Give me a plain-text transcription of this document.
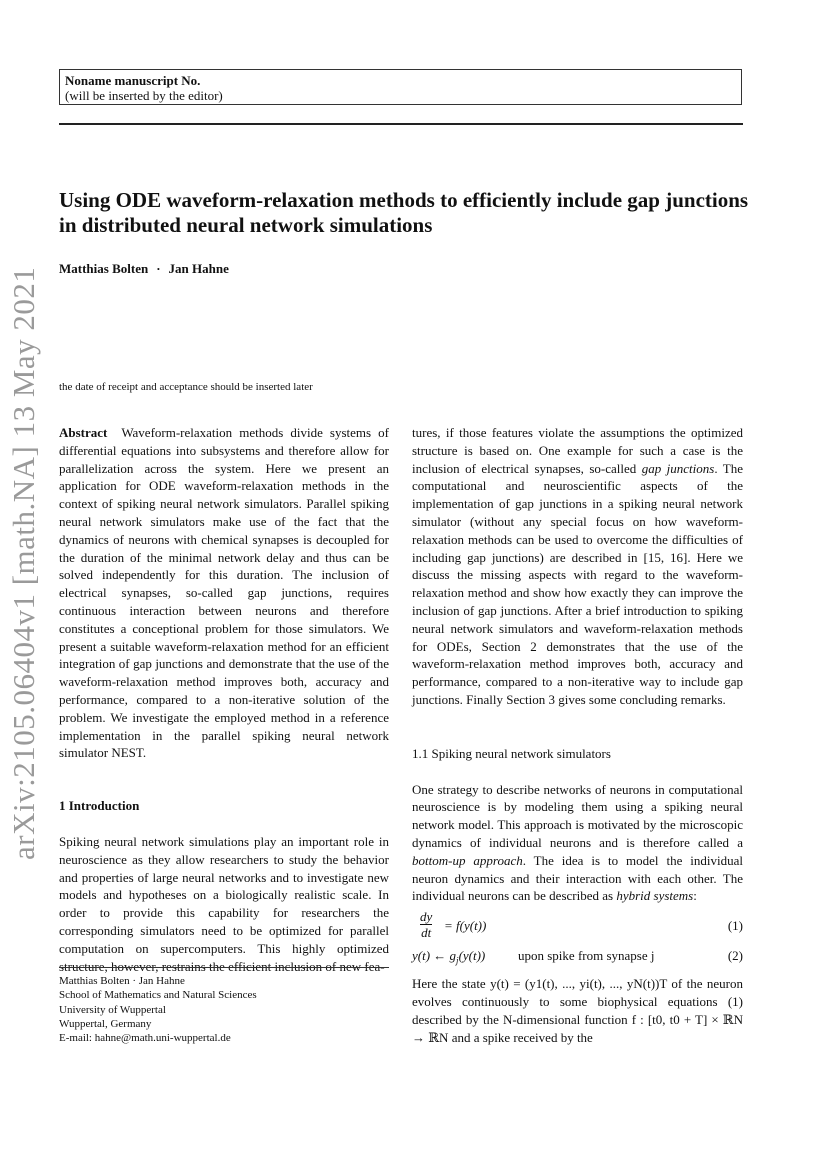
Noname manuscript No.
(will be inserted by the editor)
Using ODE waveform-relaxation methods to efficiently include gap junctions in distributed neural network simulations
Matthias Bolten · Jan Hahne
arXiv:2105.06404v1 [math.NA] 13 May 2021 the date of receipt and acceptance should be inserted later

Abstract Waveform-relaxation methods divide systems of differential equations into subsystems and therefore allow for parallelization across the system. Here we present an application for ODE waveform-relaxation methods in the context of spiking neural network simulators. Parallel spiking neural network simulators make use of the fact that the dynamics of neurons with chemical synapses is decoupled for the duration of the minimal network delay and thus can be solved independently for this duration. The inclusion of electrical synapses, so-called gap junctions, requires continuous interaction between neurons and therefore constitutes a conceptional problem for those simulators. We present a suitable waveform-relaxation method for an efficient integration of gap junctions and demonstrate that the use of the waveform-relaxation method improves both, accuracy and performance, compared to a non-iterative solution of the problem. We investigate the employed method in a reference implementation in the parallel spiking neural network simulator NEST.

1 Introduction

Spiking neural network simulations play an important role in neuroscience as they allow researchers to study the behavior and properties of large neural networks and to investigate new models and hypotheses on a biologically realistic scale. In order to provide this capability for researchers the corresponding simulators need to be optimized for parallel computation on supercomputers. This highly optimized

Matthias Bolten · Jan Hahne
School of Mathematics and Natural Sciences
University of Wuppertal
Wuppertal, Germany
E-mail: hahne@math.uni-wuppertal.de

tures, if those features violate the assumptions the optimized structure is based on. One example for such a case is the inclusion of electrical synapses, so-called gap junctions. The computational and neuroscientific aspects of the implementation of gap junctions in a spiking neural network simulator (without any special focus on how waveform-relaxation methods can be used to overcome the difficulties of including gap junctions) are described in [15, 16]. Here we discuss the missing aspects with regard to the waveform-relaxation method and show how exactly they can improve the inclusion of gap junctions. After a brief introduction to spiking neural network simulators and waveform-relaxation methods for ODEs, Section 2 demonstrates that the use of the waveform-relaxation method improves both, accuracy and performance, compared to a non-iterative way to include gap junctions. Finally Section 3 gives some concluding remarks.

1.1 Spiking neural network simulators

One strategy to describe networks of neurons in computational neuroscience is by modeling them using a spiking neural network model. This approach is motivated by the microscopic dynamics of individual neurons and is therefore called a bottom-up approach. The idea is to model the individual neuron dynamics and their interaction with each other. The individual neurons can be described as hybrid systems:

$\frac{dy}{dt} = f(y(t))$	(1)
y(t) ← $g_j(y(t))$	upon spike from synapse j	(2)

Here the state y(t) = (y1(t), ..., yi(t), ..., yN(t))T of the neuron evolves continuously to some biophysical equations (1) described by the N-dimensional function f : [t0, t0 + T] × ℝN → ℝN and a spike received by the
